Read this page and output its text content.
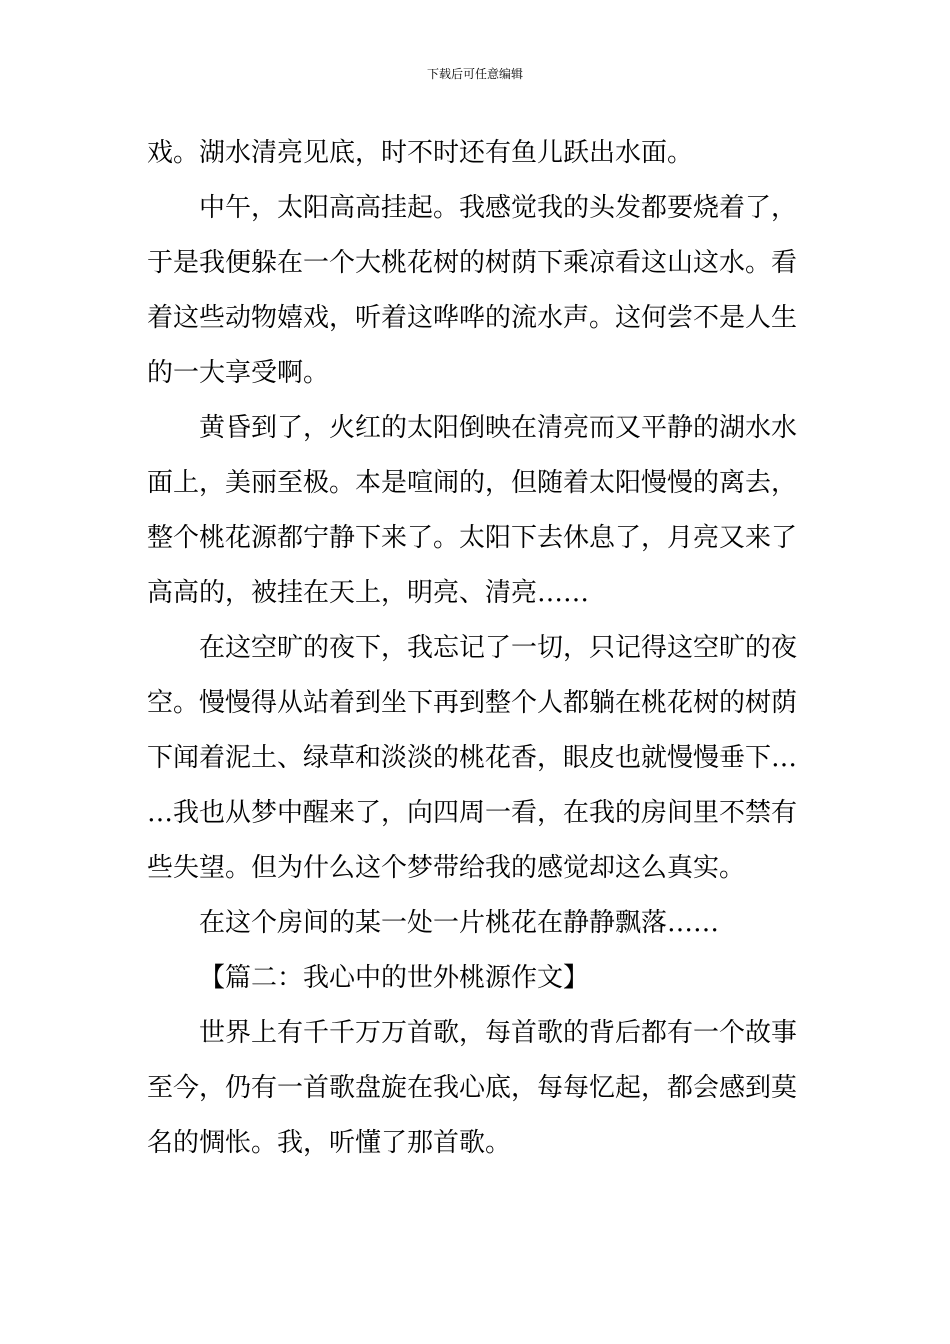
下载后可任意编辑
戏。湖水清亮见底，时不时还有鱼儿跃出水面。
中午，太阳高高挂起。我感觉我的头发都要烧着了，
于是我便躲在一个大桃花树的树荫下乘凉看这山这水。看
着这些动物嬉戏，听着这哗哗的流水声。这何尝不是人生
的一大享受啊。
黄昏到了，火红的太阳倒映在清亮而又平静的湖水水
面上，美丽至极。本是喧闹的，但随着太阳慢慢的离去，
整个桃花源都宁静下来了。太阳下去休息了，月亮又来了
高高的，被挂在天上，明亮、清亮……
在这空旷的夜下，我忘记了一切，只记得这空旷的夜
空。慢慢得从站着到坐下再到整个人都躺在桃花树的树荫
下闻着泥土、绿草和淡淡的桃花香，眼皮也就慢慢垂下…
…我也从梦中醒来了，向四周一看，在我的房间里不禁有
些失望。但为什么这个梦带给我的感觉却这么真实。
在这个房间的某一处一片桃花在静静飘落……
【篇二：我心中的世外桃源作文】
世界上有千千万万首歌，每首歌的背后都有一个故事
至今，仍有一首歌盘旋在我心底，每每忆起，都会感到莫
名的惆怅。我，听懂了那首歌。
